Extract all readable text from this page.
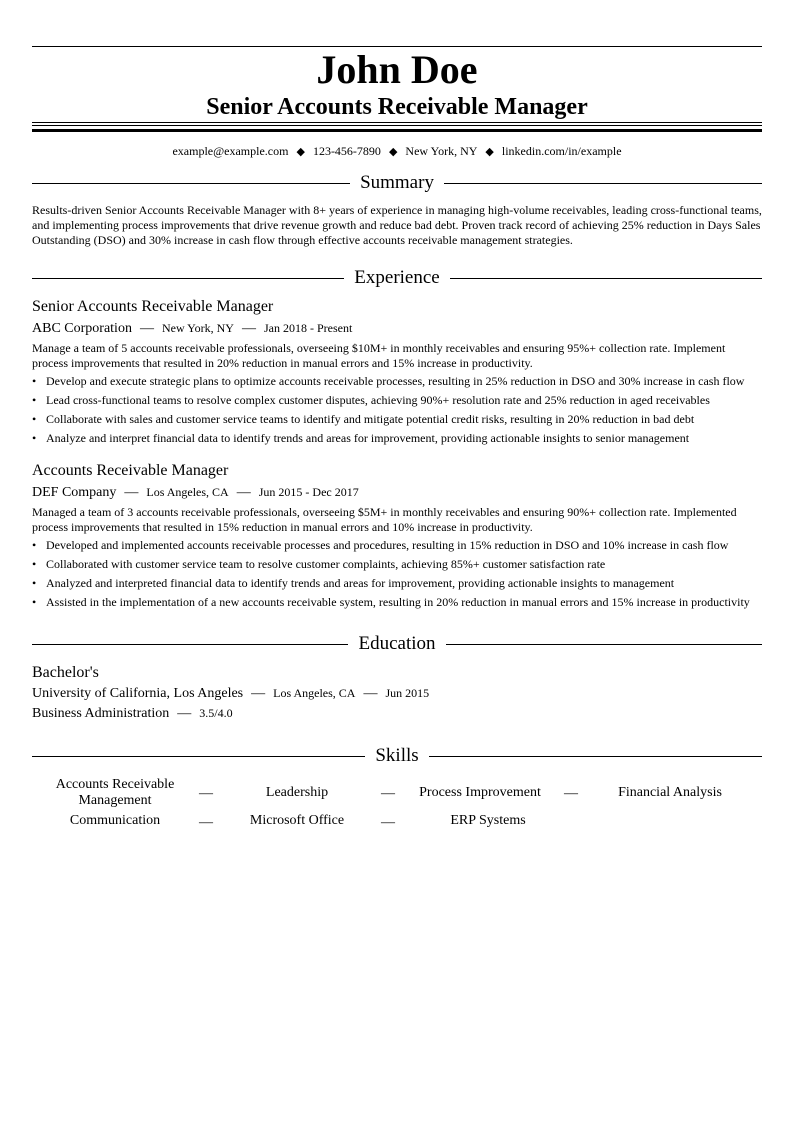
John Doe
Senior Accounts Receivable Manager
example@example.com ◆ 123-456-7890 ◆ New York, NY ◆ linkedin.com/in/example
Summary
Results-driven Senior Accounts Receivable Manager with 8+ years of experience in managing high-volume receivables, leading cross-functional teams, and implementing process improvements that drive revenue growth and reduce bad debt. Proven track record of achieving 25% reduction in Days Sales Outstanding (DSO) and 30% increase in cash flow through effective accounts receivable management strategies.
Experience
Senior Accounts Receivable Manager
ABC Corporation — New York, NY — Jan 2018 - Present
Manage a team of 5 accounts receivable professionals, overseeing $10M+ in monthly receivables and ensuring 95%+ collection rate. Implement process improvements that resulted in 20% reduction in manual errors and 15% increase in productivity.
• Develop and execute strategic plans to optimize accounts receivable processes, resulting in 25% reduction in DSO and 30% increase in cash flow
• Lead cross-functional teams to resolve complex customer disputes, achieving 90%+ resolution rate and 25% reduction in aged receivables
• Collaborate with sales and customer service teams to identify and mitigate potential credit risks, resulting in 20% reduction in bad debt
• Analyze and interpret financial data to identify trends and areas for improvement, providing actionable insights to senior management
Accounts Receivable Manager
DEF Company — Los Angeles, CA — Jun 2015 - Dec 2017
Managed a team of 3 accounts receivable professionals, overseeing $5M+ in monthly receivables and ensuring 90%+ collection rate. Implemented process improvements that resulted in 15% reduction in manual errors and 10% increase in productivity.
• Developed and implemented accounts receivable processes and procedures, resulting in 15% reduction in DSO and 10% increase in cash flow
• Collaborated with customer service team to resolve customer complaints, achieving 85%+ customer satisfaction rate
• Analyzed and interpreted financial data to identify trends and areas for improvement, providing actionable insights to management
• Assisted in the implementation of a new accounts receivable system, resulting in 20% reduction in manual errors and 15% increase in productivity
Education
Bachelor's
University of California, Los Angeles — Los Angeles, CA — Jun 2015
Business Administration — 3.5/4.0
Skills
Accounts Receivable Management	—	Leadership	—	Process Improvement	—	Financial Analysis
Communication	—	Microsoft Office	—	ERP Systems
